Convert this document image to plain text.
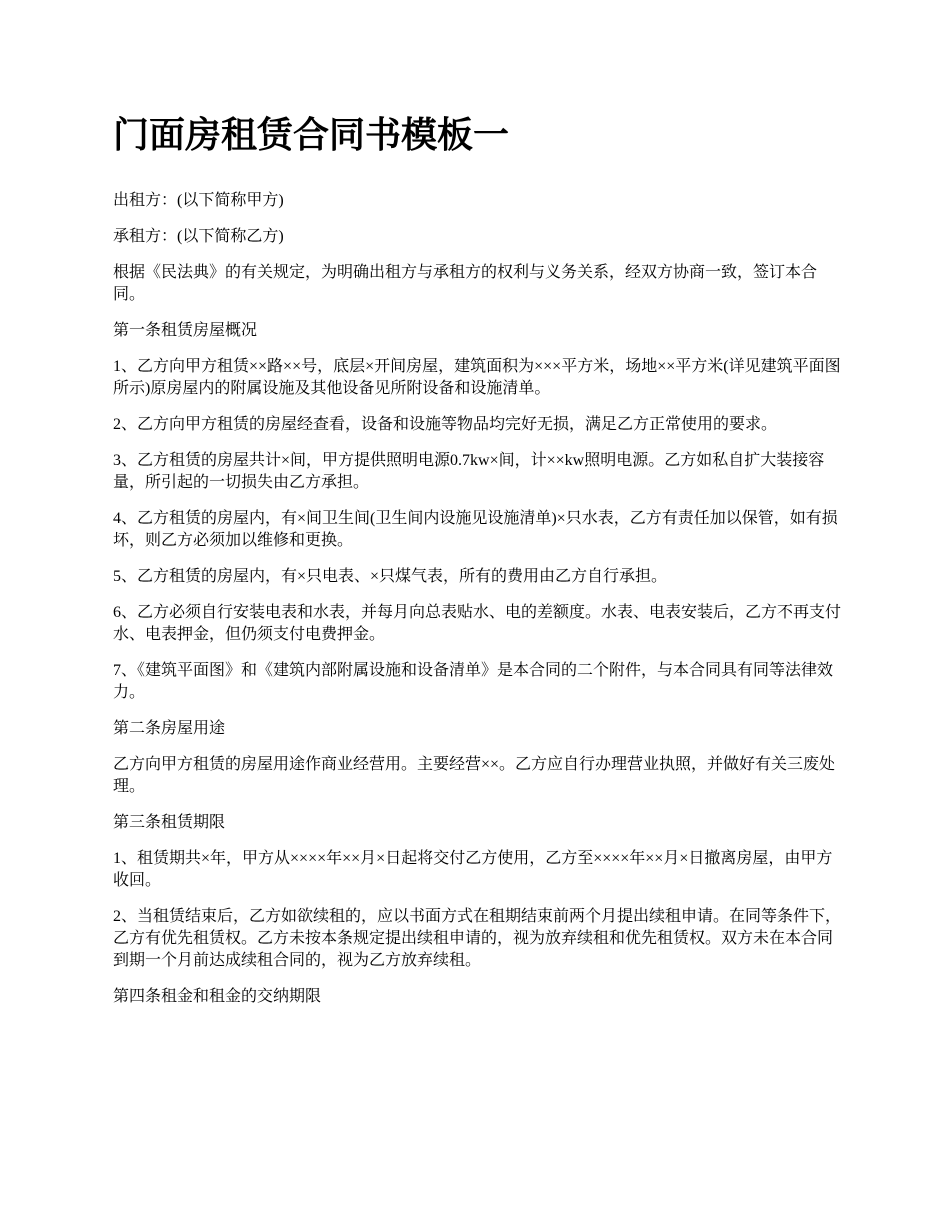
门面房租赁合同书模板一

出租方：(以下简称甲方)

承租方：(以下简称乙方)

根据《民法典》的有关规定，为明确出租方与承租方的权利与义务关系，经双方协商一致，签订本合同。

第一条租赁房屋概况

1、乙方向甲方租赁××路××号，底层×开间房屋，建筑面积为×××平方米，场地××平方米(详见建筑平面图所示)原房屋内的附属设施及其他设备见所附设备和设施清单。

2、乙方向甲方租赁的房屋经查看，设备和设施等物品均完好无损，满足乙方正常使用的要求。

3、乙方租赁的房屋共计×间，甲方提供照明电源0.7kw×间，计××kw照明电源。乙方如私自扩大装接容量，所引起的一切损失由乙方承担。

4、乙方租赁的房屋内，有×间卫生间(卫生间内设施见设施清单)×只水表，乙方有责任加以保管，如有损坏，则乙方必须加以维修和更换。

5、乙方租赁的房屋内，有×只电表、×只煤气表，所有的费用由乙方自行承担。

6、乙方必须自行安装电表和水表，并每月向总表贴水、电的差额度。水表、电表安装后，乙方不再支付水、电表押金，但仍须支付电费押金。

7、《建筑平面图》和《建筑内部附属设施和设备清单》是本合同的二个附件，与本合同具有同等法律效力。

第二条房屋用途

乙方向甲方租赁的房屋用途作商业经营用。主要经营××。乙方应自行办理营业执照，并做好有关三废处理。

第三条租赁期限

1、租赁期共×年，甲方从××××年××月×日起将交付乙方使用，乙方至××××年××月×日撤离房屋，由甲方收回。

2、当租赁结束后，乙方如欲续租的，应以书面方式在租期结束前两个月提出续租申请。在同等条件下，乙方有优先租赁权。乙方未按本条规定提出续租申请的，视为放弃续租和优先租赁权。双方未在本合同到期一个月前达成续租合同的，视为乙方放弃续租。

第四条租金和租金的交纳期限
